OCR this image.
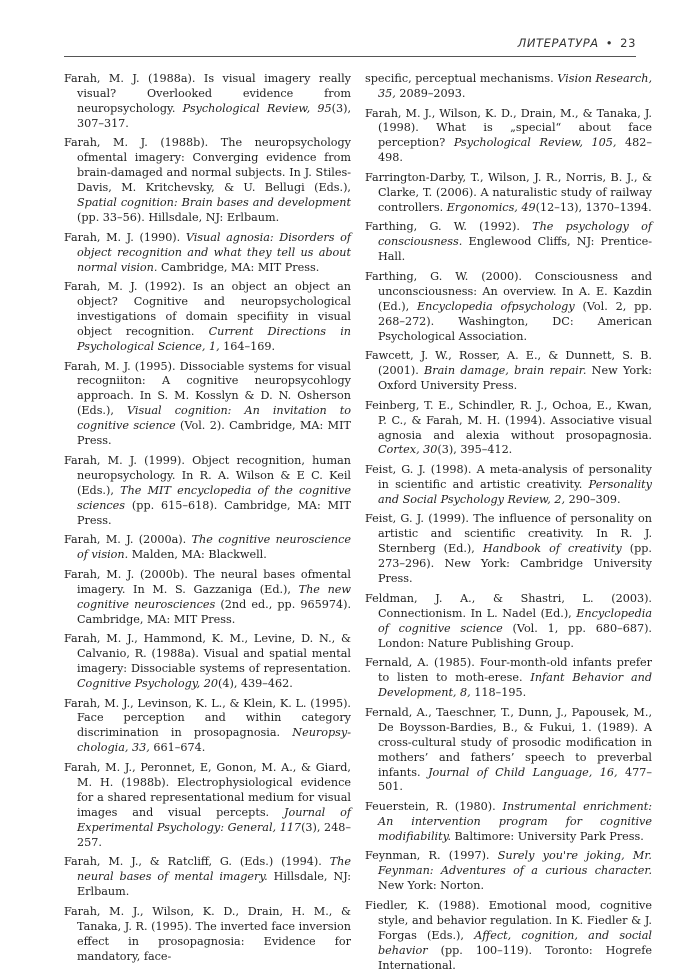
ЛИТЕРАТУРА • 23

Farah, M. J. (1988a). Is visual imagery really visual? Overlooked evidence from neuropsychology. Psychological Review, 95(3), 307–317.

Farah, M. J. (1988b). The neuropsychology ofmental imagery: Converging evidence from brain-damaged and normal subjects. In J. Stiles-Davis, M. Kritchevsky, & U. Bellugi (Eds.), Spatial cognition: Brain bases and development (pp. 33–56). Hillsdale, NJ: Erlbaum.

Farah, M. J. (1990). Visual agnosia: Disorders of object recognition and what they tell us about normal vision. Cambridge, MA: MIT Press.

Farah, M. J. (1992). Is an object an object an object? Cognitive and neuropsychological investigations of domain specifiity in visual object recognition. Current Directions in Psychological Science, 1, 164–169.

Farah, M. J. (1995). Dissociable systems for visual recogniiton: A cognitive neuropsycohlogy approach. In S. M. Kosslyn & D. N. Osherson (Eds.), Visual cognition: An invitation to cognitive science (Vol. 2). Cambridge, MA: MIT Press.

Farah, M. J. (1999). Object recognition, human neuropsychology. In R. A. Wilson & E C. Keil (Eds.), The MIT encyclopedia of the cognitive sciences (pp. 615–618). Cambridge, MA: MIT Press.

Farah, M. J. (2000a). The cognitive neuroscience of vision. Malden, MA: Blackwell.

Farah, M. J. (2000b). The neural bases ofmental imagery. In M. S. Gazzaniga (Ed.), The new cognitive neurosciences (2nd ed., pp. 965974). Cambridge, MA: MIT Press.

Farah, M. J., Hammond, K. M., Levine, D. N., & Calvanio, R. (1988a). Visual and spatial mental imagery: Dissociable systems of representation. Cognitive Psychology, 20(4), 439–462.

Farah, M. J., Levinson, K. L., & Klein, K. L. (1995). Face perception and within category discrimination in prosopagnosia. Neuropsy-chologia, 33, 661–674.

Farah, M. J., Peronnet, E, Gonon, M. A., & Giard, M. H. (1988b). Electrophysiological evidence for a shared representational medium for visual images and visual percepts. Journal of Experimental Psychology: General, 117(3), 248–257.

Farah, M. J., & Ratcliff, G. (Eds.) (1994). The neural bases of mental imagery. Hillsdale, NJ: Erlbaum.

Farah, M. J., Wilson, K. D., Drain, H. M., & Tanaka, J. R. (1995). The inverted face inversion effect in prosopagnosia: Evidence for mandatory, face-

specific, perceptual mechanisms. Vision Research, 35, 2089–2093.

Farah, M. J., Wilson, K. D., Drain, M., & Tanaka, J. (1998). What is „special“ about face perception? Psychological Review, 105, 482–498.

Farrington-Darby, T., Wilson, J. R., Norris, B. J., & Clarke, T. (2006). A naturalistic study of railway controllers. Ergonomics, 49(12–13), 1370–1394.

Farthing, G. W. (1992). The psychology of consciousness. Englewood Cliffs, NJ: Prentice-Hall.

Farthing, G. W. (2000). Consciousness and unconsciousness: An overview. In A. E. Kazdin (Ed.), Encyclopedia ofpsychology (Vol. 2, pp. 268–272). Washington, DC: American Psychological Association.

Fawcett, J. W., Rosser, A. E., & Dunnett, S. B. (2001). Brain damage, brain repair. New York: Oxford University Press.

Feinberg, T. E., Schindler, R. J., Ochoa, E., Kwan, P. C., & Farah, M. H. (1994). Associative visual agnosia and alexia without prosopagnosia. Cortex, 30(3), 395–412.

Feist, G. J. (1998). A meta-analysis of personality in scientific and artistic creativity. Personality and Social Psychology Review, 2, 290–309.

Feist, G. J. (1999). The influence of personality on artistic and scientific creativity. In R. J. Sternberg (Ed.), Handbook of creativity (pp. 273–296). New York: Cambridge University Press.

Feldman, J. A., & Shastri, L. (2003). Connectionism. In L. Nadel (Ed.), Encyclopedia of cognitive science (Vol. 1, pp. 680–687). London: Nature Publishing Group.

Fernald, A. (1985). Four-month-old infants prefer to listen to moth-erese. Infant Behavior and Development, 8, 118–195.

Fernald, A., Taeschner, T., Dunn, J., Papousek, M., De Boysson-Bardies, B., & Fukui, 1. (1989). A cross-cultural study of prosodic modification in mothers’ and fathers’ speech to preverbal infants. Journal of Child Language, 16, 477–501.

Feuerstein, R. (1980). Instrumental enrichment: An intervention program for cognitive modifiability. Baltimore: University Park Press.

Feynman, R. (1997). Surely you're joking, Mr. Feynman: Adventures of a curious character. New York: Norton.

Fiedler, K. (1988). Emotional mood, cognitive style, and behavior regulation. In K. Fiedler & J. Forgas (Eds.), Affect, cognition, and social behavior (pp. 100–119). Toronto: Hogrefe International.
